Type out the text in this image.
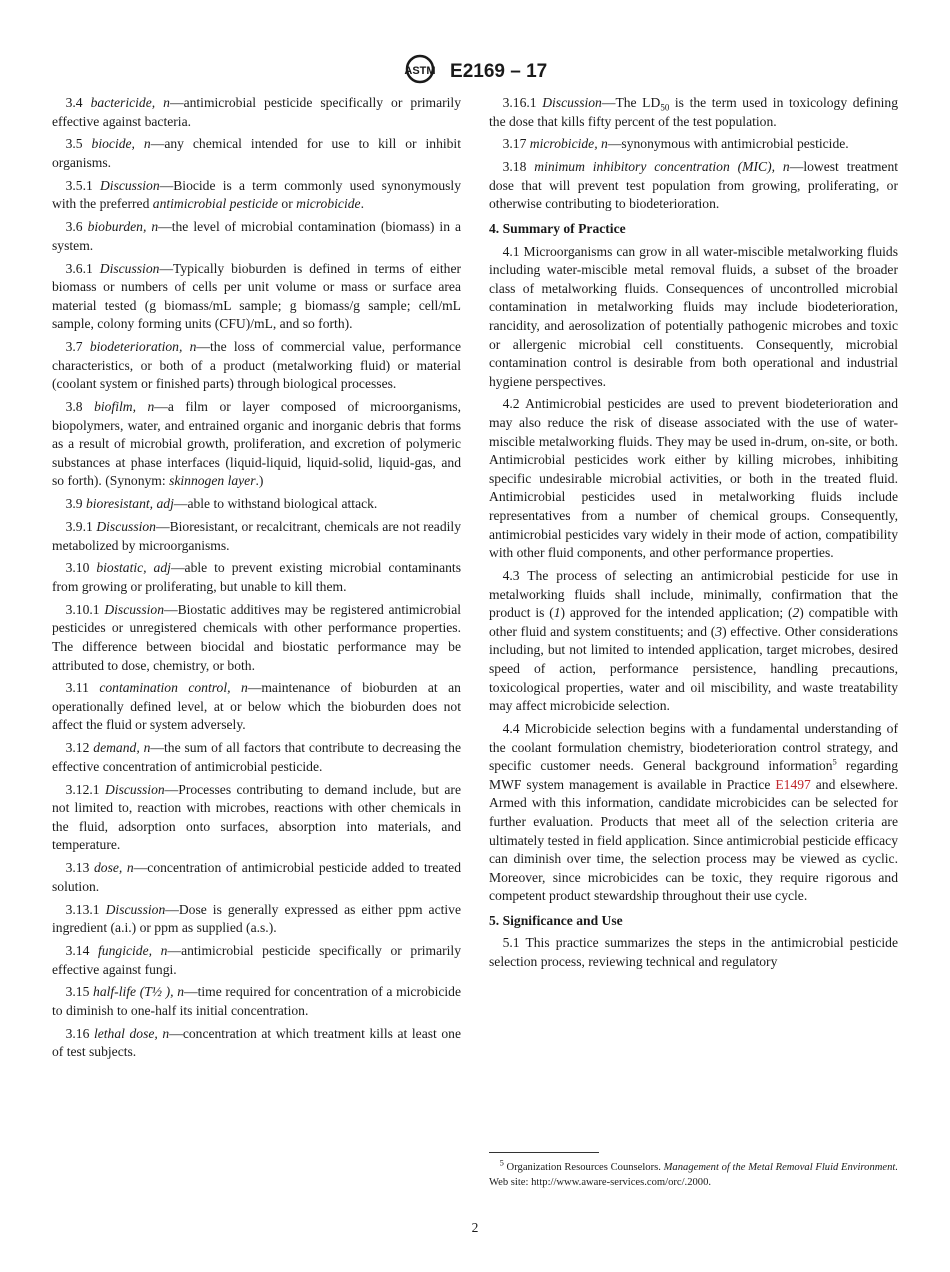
ASTM E2169 – 17

 3.4 bactericide, n—antimicrobial pesticide specifically or primarily effective against bacteria.

 3.5 biocide, n—any chemical intended for use to kill or inhibit organisms.

 3.5.1 Discussion—Biocide is a term commonly used synonymously with the preferred antimicrobial pesticide or microbicide.

 3.6 bioburden, n—the level of microbial contamination (biomass) in a system.

 3.6.1 Discussion—Typically bioburden is defined in terms of either biomass or numbers of cells per unit volume or mass or surface area material tested (g biomass/mL sample; g biomass/g sample; cell/mL sample, colony forming units (CFU)/mL, and so forth).

 3.7 biodeterioration, n—the loss of commercial value, performance characteristics, or both of a product (metalworking fluid) or material (coolant system or finished parts) through biological processes.

 3.8 biofilm, n—a film or layer composed of microorganisms, biopolymers, water, and entrained organic and inorganic debris that forms as a result of microbial growth, proliferation, and excretion of polymeric substances at phase interfaces (liquid-liquid, liquid-solid, liquid-gas, and so forth). (Synonym: skinnogen layer.)

 3.9 bioresistant, adj—able to withstand biological attack.

 3.9.1 Discussion—Bioresistant, or recalcitrant, chemicals are not readily metabolized by microorganisms.

 3.10 biostatic, adj—able to prevent existing microbial contaminants from growing or proliferating, but unable to kill them.

 3.10.1 Discussion—Biostatic additives may be registered antimicrobial pesticides or unregistered chemicals with other performance properties. The difference between biocidal and biostatic performance may be attributed to dose, chemistry, or both.

 3.11 contamination control, n—maintenance of bioburden at an operationally defined level, at or below which the bioburden does not affect the fluid or system adversely.

 3.12 demand, n—the sum of all factors that contribute to decreasing the effective concentration of antimicrobial pesticide.

 3.12.1 Discussion—Processes contributing to demand include, but are not limited to, reaction with microbes, reactions with other chemicals in the fluid, adsorption onto surfaces, absorption into materials, and temperature.

 3.13 dose, n—concentration of antimicrobial pesticide added to treated solution.

 3.13.1 Discussion—Dose is generally expressed as either ppm active ingredient (a.i.) or ppm as supplied (a.s.).

 3.14 fungicide, n—antimicrobial pesticide specifically or primarily effective against fungi.

 3.15 half-life (T½ ), n—time required for concentration of a microbicide to diminish to one-half its initial concentration.

 3.16 lethal dose, n—concentration at which treatment kills at least one of test subjects.

 3.16.1 Discussion—The $LD_{50}$ is the term used in toxicology defining the dose that kills fifty percent of the test population.

 3.17 microbicide, n—synonymous with antimicrobial pesticide.

 3.18 minimum inhibitory concentration (MIC), n—lowest treatment dose that will prevent test population from growing, proliferating, or otherwise contributing to biodeterioration.

4. Summary of Practice

 4.1 Microorganisms can grow in all water-miscible metalworking fluids including water-miscible metal removal fluids, a subset of the broader class of metalworking fluids. Consequences of uncontrolled microbial contamination in metalworking fluids may include biodeterioration, rancidity, and aerosolization of potentially pathogenic microbes and toxic or allergenic microbial cell constituents. Consequently, microbial contamination control is desirable from both operational and industrial hygiene perspectives.

 4.2 Antimicrobial pesticides are used to prevent biodeterioration and may also reduce the risk of disease associated with the use of water-miscible metalworking fluids. They may be used in-drum, on-site, or both. Antimicrobial pesticides work either by killing microbes, inhibiting specific undesirable microbial activities, or both in the treated fluid. Antimicrobial pesticides used in metalworking fluids include representatives from a number of chemical groups. Consequently, antimicrobial pesticides vary widely in their mode of action, compatibility with other fluid components, and other performance properties.

 4.3 The process of selecting an antimicrobial pesticide for use in metalworking fluids shall include, minimally, confirmation that the product is (1) approved for the intended application; (2) compatible with other fluid and system constituents; and (3) effective. Other considerations including, but not limited to intended application, target microbes, desired speed of action, performance persistence, handling precautions, toxicological properties, water and oil miscibility, and waste treatability may affect microbicide selection.

 4.4 Microbicide selection begins with a fundamental understanding of the coolant formulation chemistry, biodeterioration control strategy, and specific customer needs. General background information$^5$ regarding MWF system management is available in Practice E1497 and elsewhere. Armed with this information, candidate microbicides can be selected for further evaluation. Products that meet all of the selection criteria are ultimately tested in field application. Since antimicrobial pesticide efficacy can diminish over time, the selection process may be viewed as cyclic. Moreover, since microbicides can be toxic, they require rigorous and competent product stewardship throughout their use cycle.

5. Significance and Use

 5.1 This practice summarizes the steps in the antimicrobial pesticide selection process, reviewing technical and regulatory

 $^5$ Organization Resources Counselors. Management of the Metal Removal Fluid Environment. Web site: http://www.aware-services.com/orc/.2000.
2
